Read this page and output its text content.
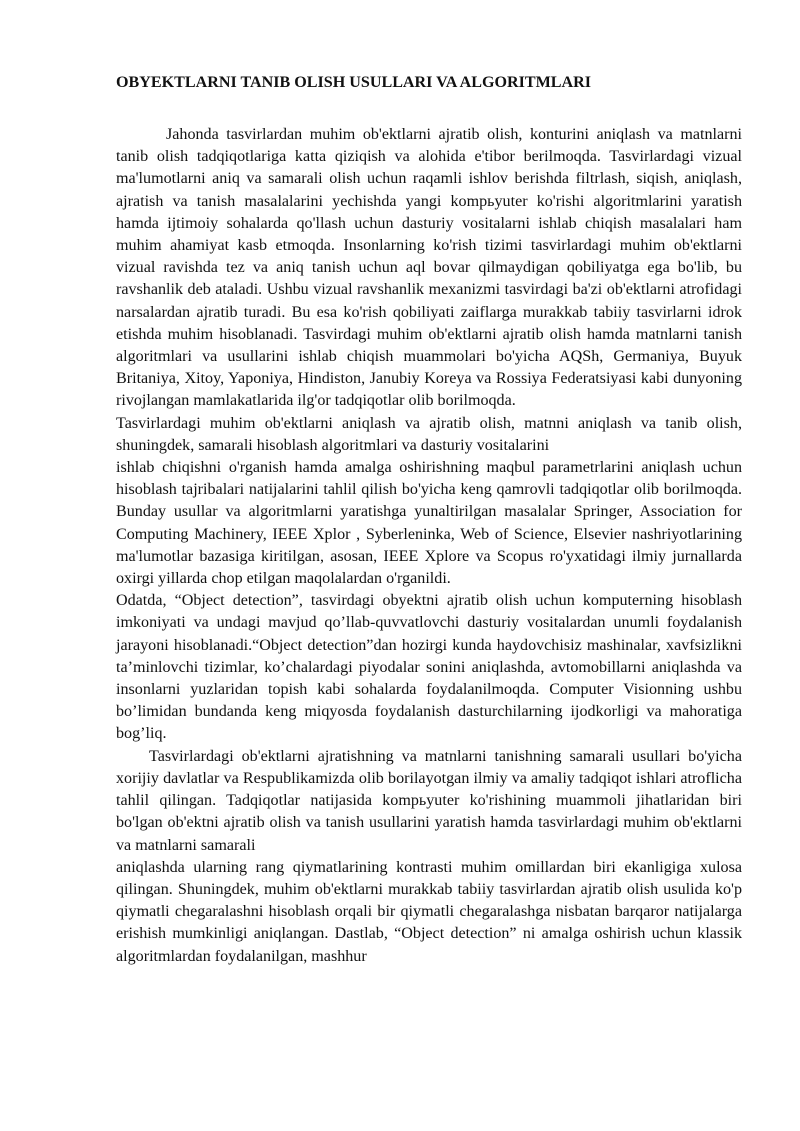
OBYEKTLARNI TANIB OLISH USULLARI VA ALGORITMLARI

Jahonda tasvirlardan muhim ob'ektlarni ajratib olish, konturini aniqlash va matnlarni tanib olish tadqiqotlariga katta qiziqish va alohida e'tibor berilmoqda. Tasvirlardagi vizual ma'lumotlarni aniq va samarali olish uchun raqamli ishlov berishda filtrlash, siqish, aniqlash, ajratish va tanish masalalarini yechishda yangi kompьyuter ko'rishi algoritmlarini yaratish hamda ijtimoiy sohalarda qo'llash uchun dasturiy vositalarni ishlab chiqish masalalari ham muhim ahamiyat kasb etmoqda. Insonlarning ko'rish tizimi tasvirlardagi muhim ob'ektlarni vizual ravishda tez va aniq tanish uchun aql bovar qilmaydigan qobiliyatga ega bo'lib, bu ravshanlik deb ataladi. Ushbu vizual ravshanlik mexanizmi tasvirdagi ba'zi ob'ektlarni atrofidagi narsalardan ajratib turadi. Bu esa ko'rish qobiliyati zaiflarga murakkab tabiiy tasvirlarni idrok etishda muhim hisoblanadi. Tasvirdagi muhim ob'ektlarni ajratib olish hamda matnlarni tanish algoritmlari va usullarini ishlab chiqish muammolari bo'yicha AQSh, Germaniya, Buyuk Britaniya, Xitoy, Yaponiya, Hindiston, Janubiy Koreya va Rossiya Federatsiyasi kabi dunyoning rivojlangan mamlakatlarida ilg'or tadqiqotlar olib borilmoqda.

Tasvirlardagi muhim ob'ektlarni aniqlash va ajratib olish, matnni aniqlash va tanib olish, shuningdek, samarali hisoblash algoritmlari va dasturiy vositalarini

ishlab chiqishni o'rganish hamda amalga oshirishning maqbul parametrlarini aniqlash uchun hisoblash tajribalari natijalarini tahlil qilish bo'yicha keng qamrovli tadqiqotlar olib borilmoqda. Bunday usullar va algoritmlarni yaratishga yunaltirilgan masalalar Springer, Association for Computing Machinery, IEEE Xplor , Syberleninka, Web of Science, Elsevier nashriyotlarining ma'lumotlar bazasiga kiritilgan, asosan, IEEE Xplore va Scopus ro'yxatidagi ilmiy jurnallarda oxirgi yillarda chop etilgan maqolalardan o'rganildi.

Odatda, “Object detection”, tasvirdagi obyektni ajratib olish uchun komputerning hisoblash imkoniyati va undagi mavjud qo’llab-quvvatlovchi dasturiy vositalardan unumli foydalanish jarayoni hisoblanadi.“Object detection”dan hozirgi kunda haydovchisiz mashinalar, xavfsizlikni ta’minlovchi tizimlar, ko’chalardagi piyodalar sonini aniqlashda, avtomobillarni aniqlashda va insonlarni yuzlaridan topish kabi sohalarda foydalanilmoqda. Computer Visionning ushbu bo’limidan bundanda keng miqyosda foydalanish dasturchilarning ijodkorligi va mahoratiga bog’liq.

Tasvirlardagi ob'ektlarni ajratishning va matnlarni tanishning samarali usullari bo'yicha xorijiy davlatlar va Respublikamizda olib borilayotgan ilmiy va amaliy tadqiqot ishlari atroflicha tahlil qilingan. Tadqiqotlar natijasida kompьyuter ko'rishining muammoli jihatlaridan biri bo'lgan ob'ektni ajratib olish va tanish usullarini yaratish hamda tasvirlardagi muhim ob'ektlarni va matnlarni samarali

aniqlashda ularning rang qiymatlarining kontrasti muhim omillardan biri ekanligiga xulosa qilingan. Shuningdek, muhim ob'ektlarni murakkab tabiiy tasvirlardan ajratib olish usulida ko'p qiymatli chegaralashni hisoblash orqali bir qiymatli chegaralashga nisbatan barqaror natijalarga erishish mumkinligi aniqlangan. Dastlab, “Object detection” ni amalga oshirish uchun klassik algoritmlardan foydalanilgan, mashhur
